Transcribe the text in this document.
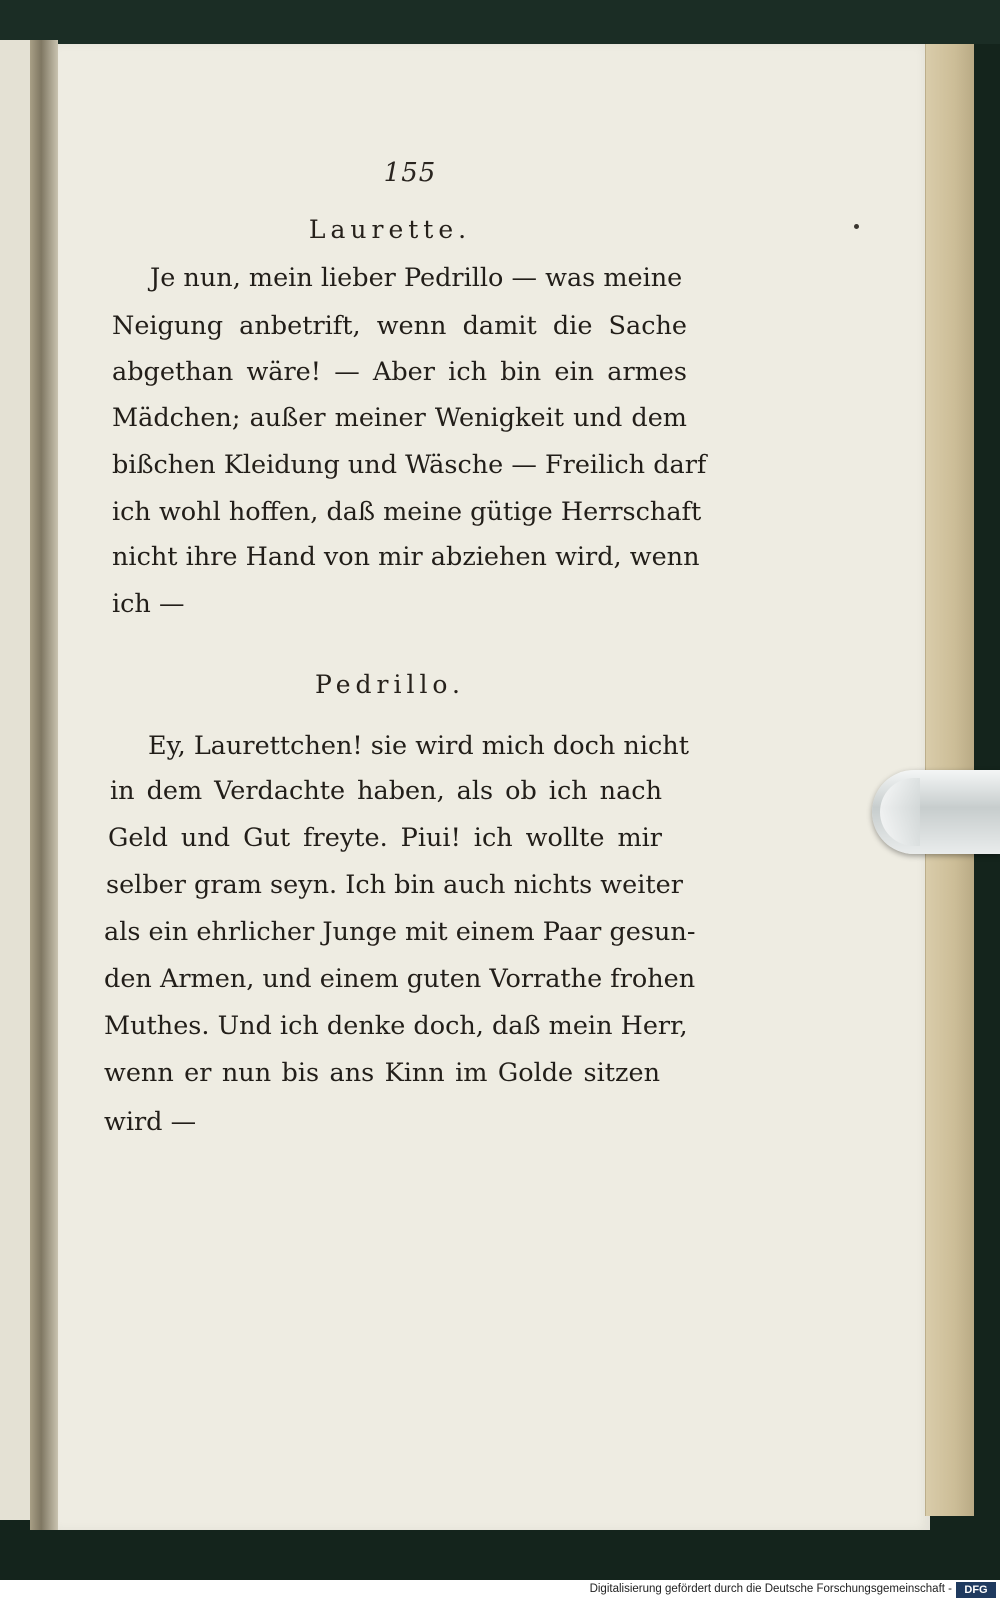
155
Laurette.
Je nun, mein lieber Pedrillo — was meine
Neigung anbetrift, wenn damit die Sache
abgethan wäre! — Aber ich bin ein armes
Mädchen; außer meiner Wenigkeit und dem
bißchen Kleidung und Wäsche — Freilich darf
ich wohl hoffen, daß meine gütige Herrschaft
nicht ihre Hand von mir abziehen wird, wenn
ich —
Pedrillo.
Ey, Laurettchen! sie wird mich doch nicht
in dem Verdachte haben, als ob ich nach
Geld und Gut freyte. Piui! ich wollte mir
selber gram seyn. Ich bin auch nichts weiter
als ein ehrlicher Junge mit einem Paar gesun-
den Armen, und einem guten Vorrathe frohen
Muthes. Und ich denke doch, daß mein Herr,
wenn er nun bis ans Kinn im Golde sitzen
wird —
Digitalisierung gefördert durch die Deutsche Forschungsgemeinschaft -	DFG
